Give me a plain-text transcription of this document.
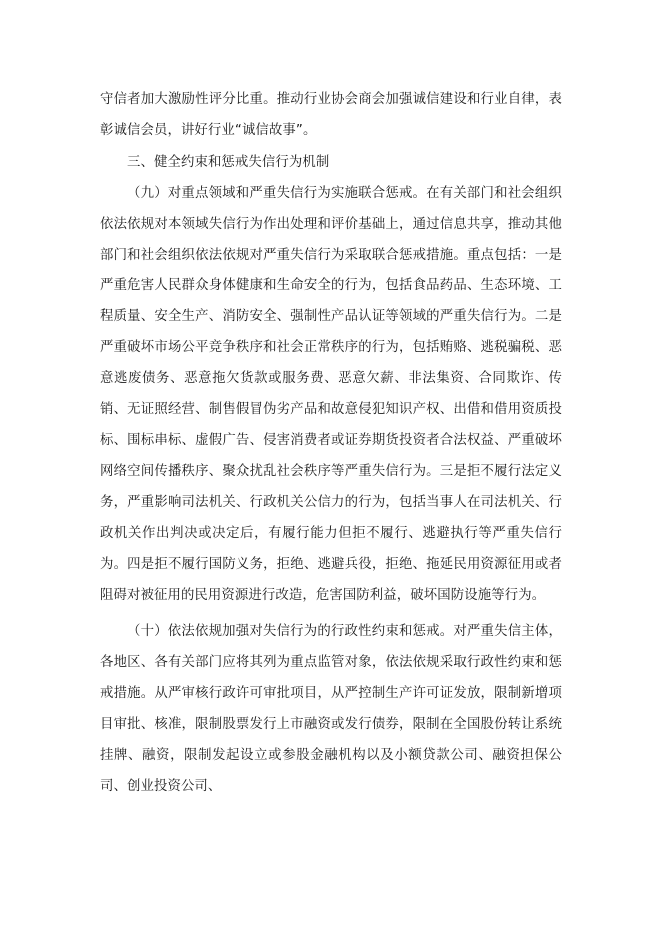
守信者加大激励性评分比重。推动行业协会商会加强诚信建设和行业自律，表彰诚信会员，讲好行业“诚信故事”。

三、健全约束和惩戒失信行为机制

（九）对重点领域和严重失信行为实施联合惩戒。在有关部门和社会组织依法依规对本领域失信行为作出处理和评价基础上，通过信息共享，推动其他部门和社会组织依法依规对严重失信行为采取联合惩戒措施。重点包括：一是严重危害人民群众身体健康和生命安全的行为，包括食品药品、生态环境、工程质量、安全生产、消防安全、强制性产品认证等领域的严重失信行为。二是严重破坏市场公平竞争秩序和社会正常秩序的行为，包括贿赂、逃税骗税、恶意逃废债务、恶意拖欠货款或服务费、恶意欠薪、非法集资、合同欺诈、传销、无证照经营、制售假冒伪劣产品和故意侵犯知识产权、出借和借用资质投标、围标串标、虚假广告、侵害消费者或证券期货投资者合法权益、严重破坏网络空间传播秩序、聚众扰乱社会秩序等严重失信行为。三是拒不履行法定义务，严重影响司法机关、行政机关公信力的行为，包括当事人在司法机关、行政机关作出判决或决定后，有履行能力但拒不履行、逃避执行等严重失信行为。四是拒不履行国防义务，拒绝、逃避兵役，拒绝、拖延民用资源征用或者阻碍对被征用的民用资源进行改造，危害国防利益，破坏国防设施等行为。

（十）依法依规加强对失信行为的行政性约束和惩戒。对严重失信主体，各地区、各有关部门应将其列为重点监管对象，依法依规采取行政性约束和惩戒措施。从严审核行政许可审批项目，从严控制生产许可证发放，限制新增项目审批、核准，限制股票发行上市融资或发行债券，限制在全国股份转让系统挂牌、融资，限制发起设立或参股金融机构以及小额贷款公司、融资担保公司、创业投资公司、
